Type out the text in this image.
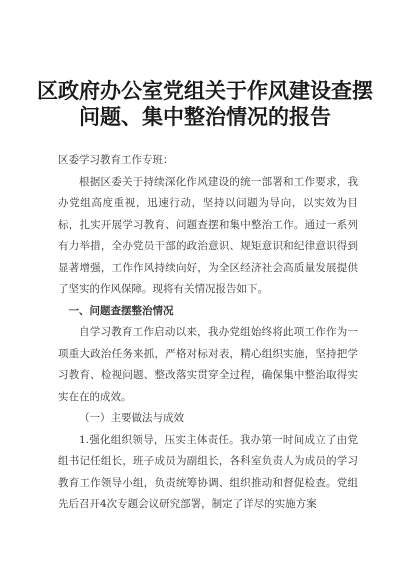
区政府办公室党组关于作风建设查摆
问题、集中整治情况的报告

区委学习教育工作专班：

根据区委关于持续深化作风建设的统一部署和工作要求，我办党组高度重视，迅速行动，坚持以问题为导向，以实效为目标，扎实开展学习教育、问题查摆和集中整治工作。通过一系列有力举措，全办党员干部的政治意识、规矩意识和纪律意识得到显著增强，工作作风持续向好，为全区经济社会高质量发展提供了坚实的作风保障。现将有关情况报告如下。

一、问题查摆整治情况

自学习教育工作启动以来，我办党组始终将此项工作作为一项重大政治任务来抓，严格对标对表，精心组织实施，坚持把学习教育、检视问题、整改落实贯穿全过程，确保集中整治取得实实在在的成效。

（一）主要做法与成效

1.强化组织领导，压实主体责任。我办第一时间成立了由党组书记任组长，班子成员为副组长，各科室负责人为成员的学习教育工作领导小组，负责统筹协调、组织推动和督促检查。党组先后召开4次专题会议研究部署，制定了详尽的实施方案
